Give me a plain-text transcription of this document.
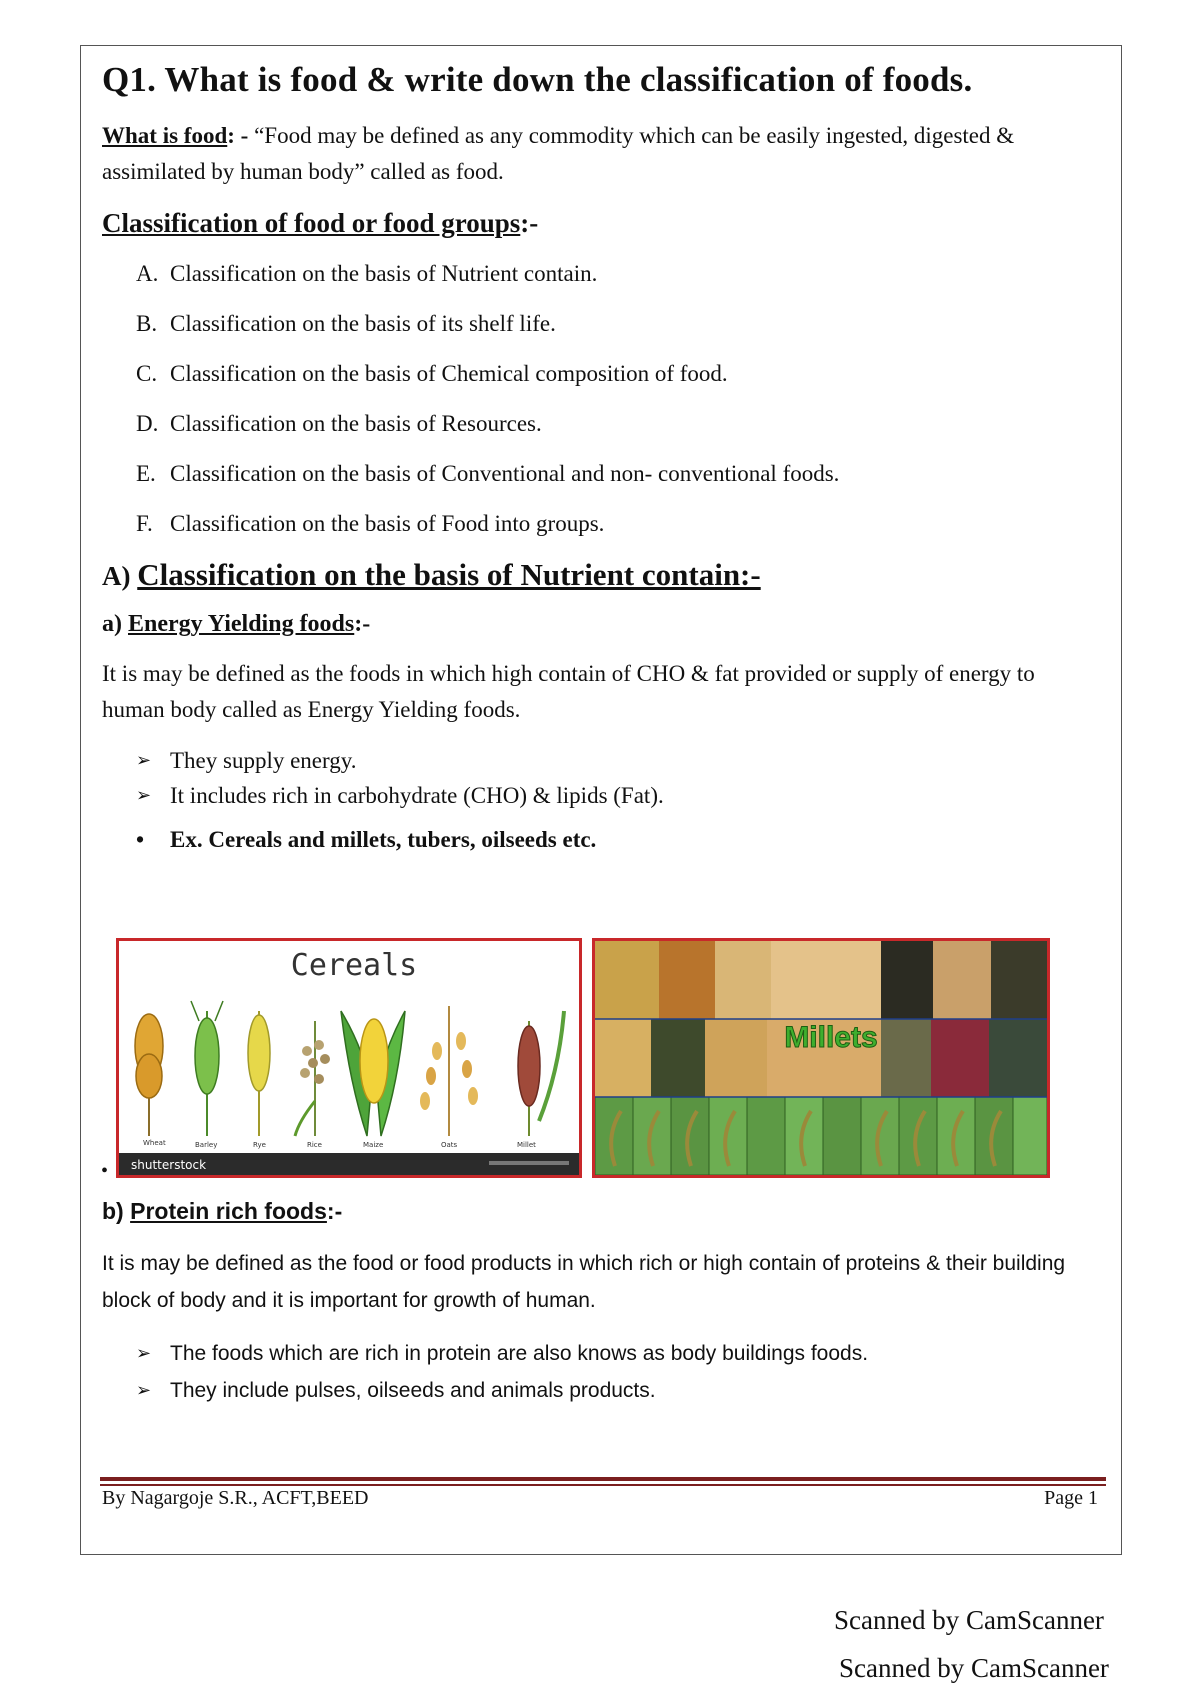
Q1. What is food & write down the classification of foods.

What is food: - “Food may be defined as any commodity which can be easily ingested, digested & assimilated by human body” called as food.

Classification of food or food groups:-

A. Classification on the basis of Nutrient contain.
B. Classification on the basis of its shelf life.
C. Classification on the basis of Chemical composition of food.
D. Classification on the basis of Resources.
E. Classification on the basis of Conventional and non- conventional foods.
F. Classification on the basis of Food into groups.

A) Classification on the basis of Nutrient contain:-

a) Energy Yielding foods:-

It is may be defined as the foods in which high contain of CHO & fat provided or supply of energy to human body called as Energy Yielding foods.

➢ They supply energy.
➢ It includes rich in carbohydrate (CHO) & lipids (Fat).
•	Ex. Cereals and millets, tubers, oilseeds etc.
Cereals
Wheat	Barley	Rye	Rice	Maize	Oats	Millet
shutterstock
Millets
•

b) Protein rich foods:-

It is may be defined as the food or food products in which rich or high contain of proteins & their building block of body and it is important for growth of human.

➢ The foods which are rich in protein are also knows as body buildings foods.
➢ They include pulses, oilseeds and animals products.
By Nagargoje S.R., ACFT,BEED	Page 1
Scanned by CamScanner
Scanned by CamScanner
